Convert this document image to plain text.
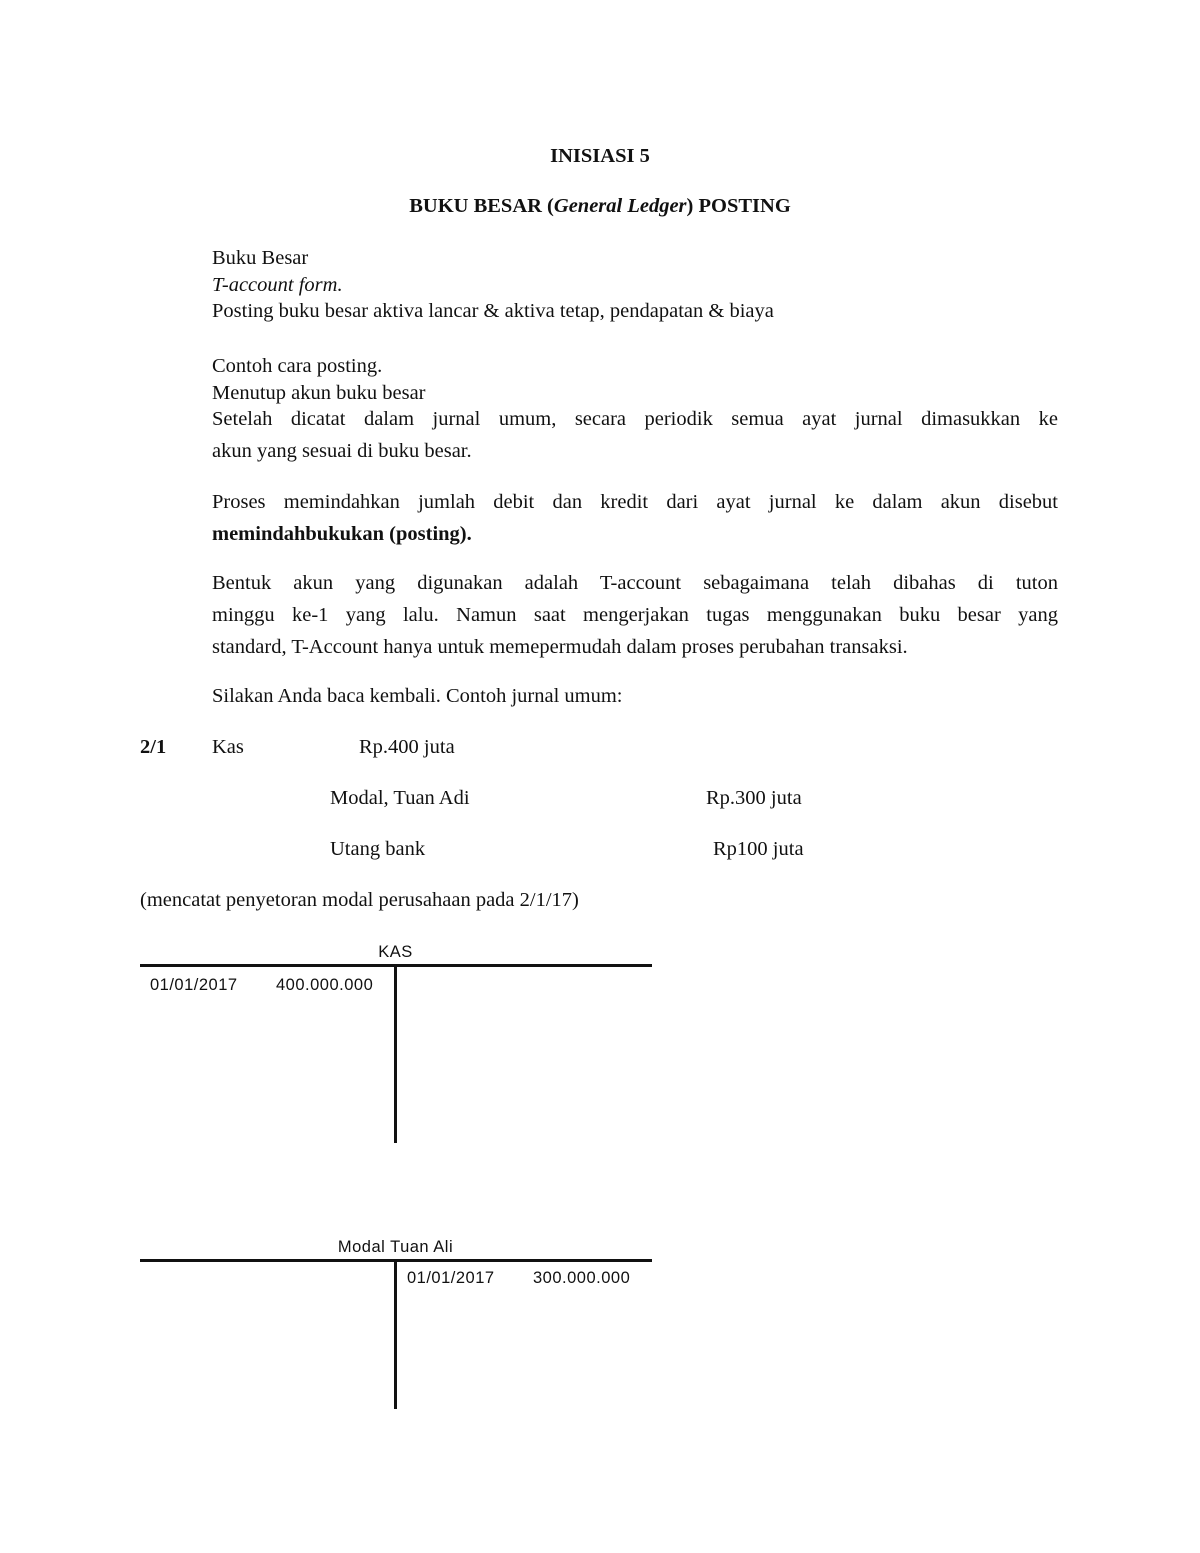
INISIASI 5
BUKU BESAR (General Ledger) POSTING
Buku Besar
T-account form.
Posting buku besar aktiva lancar & aktiva tetap, pendapatan & biaya
Contoh cara posting.
Menutup akun buku besar
Setelah dicatat dalam jurnal umum, secara periodik semua ayat jurnal dimasukkan ke
akun yang sesuai di buku besar.
Proses memindahkan jumlah debit dan kredit dari ayat jurnal ke dalam akun disebut
memindahbukukan (posting).
Bentuk akun yang digunakan adalah T-account sebagaimana telah dibahas di tuton
minggu ke-1 yang lalu. Namun saat mengerjakan tugas menggunakan buku besar yang
standard, T-Account hanya untuk memepermudah dalam proses perubahan transaksi.
Silakan Anda baca kembali. Contoh jurnal umum:
2/1 Kas	Rp.400 juta
Modal, Tuan Adi	Rp.300 juta
Utang bank	Rp100 juta
(mencatat penyetoran modal perusahaan pada 2/1/17)
KAS
01/01/2017 400.000.000
Modal Tuan Ali
01/01/2017 300.000.000
